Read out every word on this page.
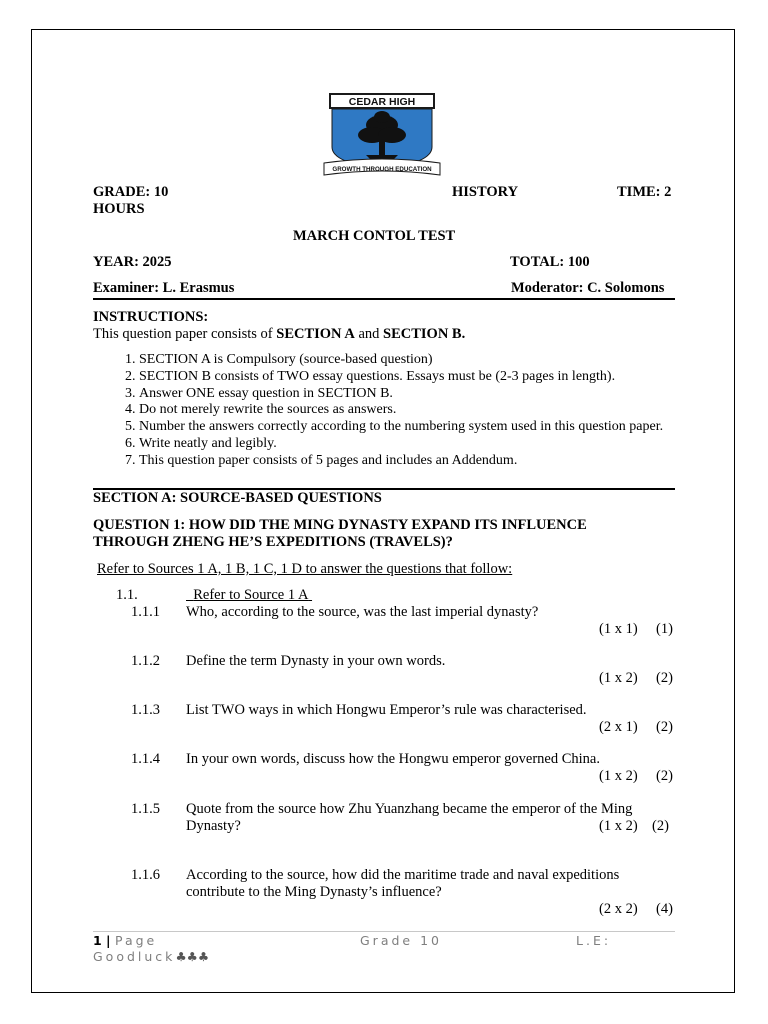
CEDAR HIGH
GROWTH THROUGH EDUCATION
GRADE: 10	HISTORY	TIME: 2
HOURS
MARCH CONTOL TEST
YEAR: 2025	TOTAL: 100
Examiner: L. Erasmus	Moderator: C. Solomons
INSTRUCTIONS:
This question paper consists of SECTION A and SECTION B.
1. SECTION A is Compulsory (source-based question)
2. SECTION B consists of TWO essay questions. Essays must be (2-3 pages in length).
3. Answer ONE essay question in SECTION B.
4. Do not merely rewrite the sources as answers.
5. Number the answers correctly according to the numbering system used in this question paper.
6. Write neatly and legibly.
7. This question paper consists of 5 pages and includes an Addendum.
SECTION A: SOURCE-BASED QUESTIONS
QUESTION 1: HOW DID THE MING DYNASTY EXPAND ITS INFLUENCE
THROUGH ZHENG HE’S EXPEDITIONS (TRAVELS)?
Refer to Sources 1 A, 1 B, 1 C, 1 D to answer the questions that follow:
1.1.	Refer to Source 1 A
1.1.1 Who, according to the source, was the last imperial dynasty?
(1 x 1) (1)
1.1.2 Define the term Dynasty in your own words.
(1 x 2) (2)
1.1.3 List TWO ways in which Hongwu Emperor’s rule was characterised.
(2 x 1) (2)
1.1.4 In your own words, discuss how the Hongwu emperor governed China.
(1 x 2) (2)
1.1.5 Quote from the source how Zhu Yuanzhang became the emperor of the Ming
Dynasty?	(1 x 2) (2)
1.1.6 According to the source, how did the maritime trade and naval expeditions
contribute to the Ming Dynasty’s influence?
(2 x 2) (4)
1 | Page	Grade 10	L.E:
Goodluck♣♣♣
